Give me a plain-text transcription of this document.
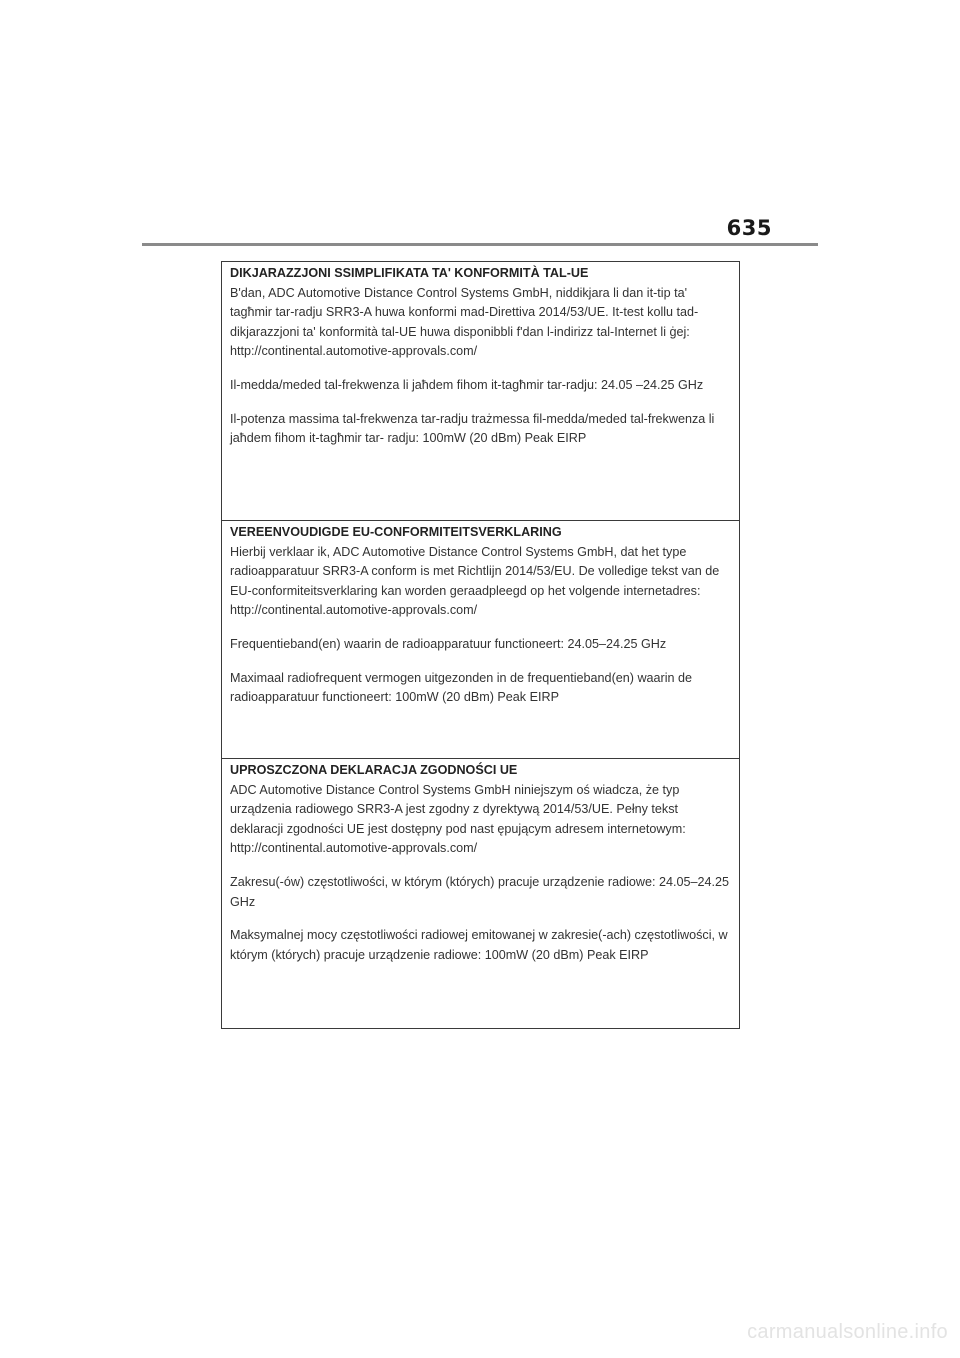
635
DIKJARAZZJONI SSIMPLIFIKATA TA' KONFORMITÀ TAL-UE

B'dan, ADC Automotive Distance Control Systems GmbH, niddikjara li dan it-tip ta' tagħmir tar-radju SRR3-A huwa konformi mad-Direttiva 2014/53/UE. It-test kollu tad-dikjarazzjoni ta' konformità tal-UE huwa disponibbli f'dan l-indirizz tal-Internet li ġej: http://continental.automotive-approvals.com/

Il-medda/meded tal-frekwenza li jaħdem fihom it-tagħmir tar-radju: 24.05 –24.25 GHz

Il-potenza massima tal-frekwenza tar-radju trażmessa fil-medda/meded tal-frekwenza li jaħdem fihom it-tagħmir tar- radju: 100mW (20 dBm) Peak EIRP

VEREENVOUDIGDE EU-CONFORMITEITSVERKLARING

Hierbij verklaar ik, ADC Automotive Distance Control Systems GmbH, dat het type radioapparatuur SRR3-A conform is met Richtlijn 2014/53/EU. De volledige tekst van de EU-conformiteitsverklaring kan worden geraadpleegd op het volgende internetadres: http://continental.automotive-approvals.com/

Frequentieband(en) waarin de radioapparatuur functioneert: 24.05–24.25 GHz

Maximaal radiofrequent vermogen uitgezonden in de frequentieband(en) waarin de radioapparatuur functioneert: 100mW (20 dBm) Peak EIRP

UPROSZCZONA DEKLARACJA ZGODNOŚCI UE

ADC Automotive Distance Control Systems GmbH niniejszym oś wiadcza, że typ urządzenia radiowego SRR3-A jest zgodny z dyrektywą 2014/53/UE. Pełny tekst deklaracji zgodności UE jest dostępny pod nast ępującym adresem internetowym: http://continental.automotive-approvals.com/

Zakresu(-ów) częstotliwości, w którym (których) pracuje urządzenie radiowe: 24.05–24.25 GHz

Maksymalnej mocy częstotliwości radiowej emitowanej w zakresie(-ach) częstotliwości, w którym (których) pracuje urządzenie radiowe: 100mW (20 dBm) Peak EIRP

carmanualsonline.info
